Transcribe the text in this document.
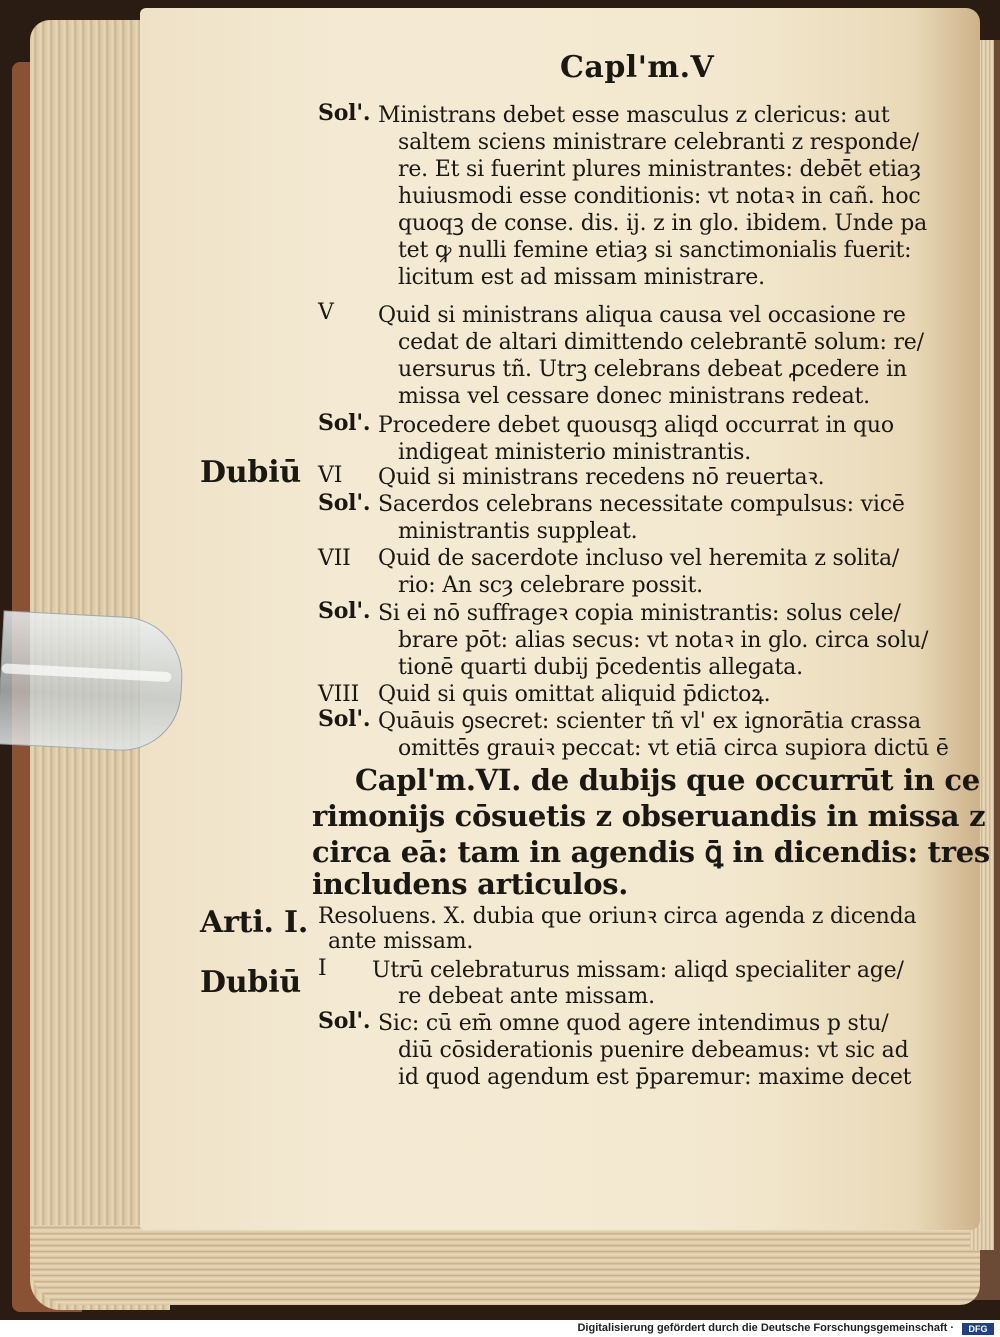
Capl'm.V
Sol'. Ministrans debet esse masculus z clericus: aut
saltem sciens ministrare celebranti z responde/
re. Et si fuerint plures ministrantes: debēt etiaȝ
huiusmodi esse conditionis: vt notaꝛ in cañ. hoc
quoqꝫ de conse. dis. ij. z in glo. ibidem. Unde pa
tet ꝙ nulli femine etiaȝ si sanctimonialis fuerit:
licitum est ad missam ministrare.
V Quid si ministrans aliqua causa vel occasione re
cedat de altari dimittendo celebrantē solum: re/
uersurus tñ. Utrꝫ celebrans debeat ꝓcedere in
missa vel cessare donec ministrans redeat.
Sol'. Procedere debet quousqꝫ aliqd occurrat in quo
indigeat ministerio ministrantis.
Dubiū VI Quid si ministrans recedens nō reuertaꝛ.
Sol'. Sacerdos celebrans necessitate compulsus: vicē
ministrantis suppleat.
VII Quid de sacerdote incluso vel heremita z solita/
rio: An scȝ celebrare possit.
Sol'. Si ei nō suffrageꝛ copia ministrantis: solus cele/
brare pōt: alias secus: vt notaꝛ in glo. circa solu/
tionē quarti dubij p̄cedentis allegata.
VIII Quid si quis omittat aliquid p̄dictoꝝ.
Sol'. Quāuis ꝯsecret: scienter tñ vl' ex ignorātia crassa
omittēs grauiꝛ peccat: vt etiā circa supiora dictū ē
Capl'm.VI. de dubijs que occurrūt in ce
rimonijs cōsuetis z obseruandis in missa z
circa eā: tam in agendis ꝗ̄ in dicendis: tres
includens articulos.
Arti. I. Resoluens. X. dubia que oriunꝛ circa agenda z dicenda
ante missam.
Dubiū I Utrū celebraturus missam: aliqd specialiter age/
re debeat ante missam.
Sol'. Sic: cū em̄ omne quod agere intendimus p stu/
diū cōsiderationis puenire debeamus: vt sic ad
id quod agendum est p̄paremur: maxime decet
Digitalisierung gefördert durch die Deutsche Forschungsgemeinschaft ·	DFG
